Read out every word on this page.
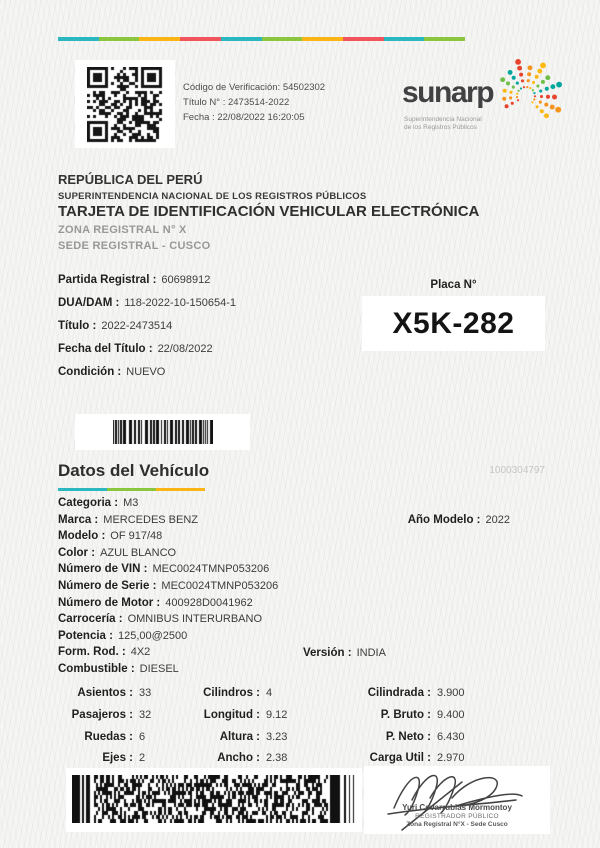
Código de Verificación: 54502302
Título N° : 2473514-2022
Fecha : 22/08/2022 16:20:05
sunarp
Superintendencia Nacional
de los Registros Públicos
REPÚBLICA DEL PERÚ
SUPERINTENDENCIA NACIONAL DE LOS REGISTROS PÚBLICOS
TARJETA DE IDENTIFICACIÓN VEHICULAR ELECTRÓNICA
ZONA REGISTRAL N° X
SEDE REGISTRAL - CUSCO
Partida Registral : 60698912
DUA/DAM : 118-2022-10-150654-1
Título : 2022-2473514
Fecha del Título : 22/08/2022
Condición : NUEVO
Placa N°
X5K-282
Datos del Vehículo	1000304797
Categoria : M3
Marca : MERCEDES BENZ
Modelo : OF 917/48
Color : AZUL BLANCO
Número de VIN : MEC0024TMNP053206
Número de Serie : MEC0024TMNP053206
Número de Motor : 400928D0041962
Carrocería : OMNIBUS INTERURBANO
Potencia : 125,00@2500
Form. Rod. : 4X2
Combustible : DIESEL
Año Modelo : 2022
Versión : INDIA
Asientos : 33
Pasajeros : 32
Ruedas : 6
Ejes : 2
Cilindros : 4
Longitud : 9.12
Altura : 3.23
Ancho : 2.38
Cilindrada : 3.900
P. Bruto : 9.400
P. Neto : 6.430
Carga Util : 2.970
Yuri Covarrubias Mormontoy
REGISTRADOR PÚBLICO
Zona Registral N°X - Sede Cusco
